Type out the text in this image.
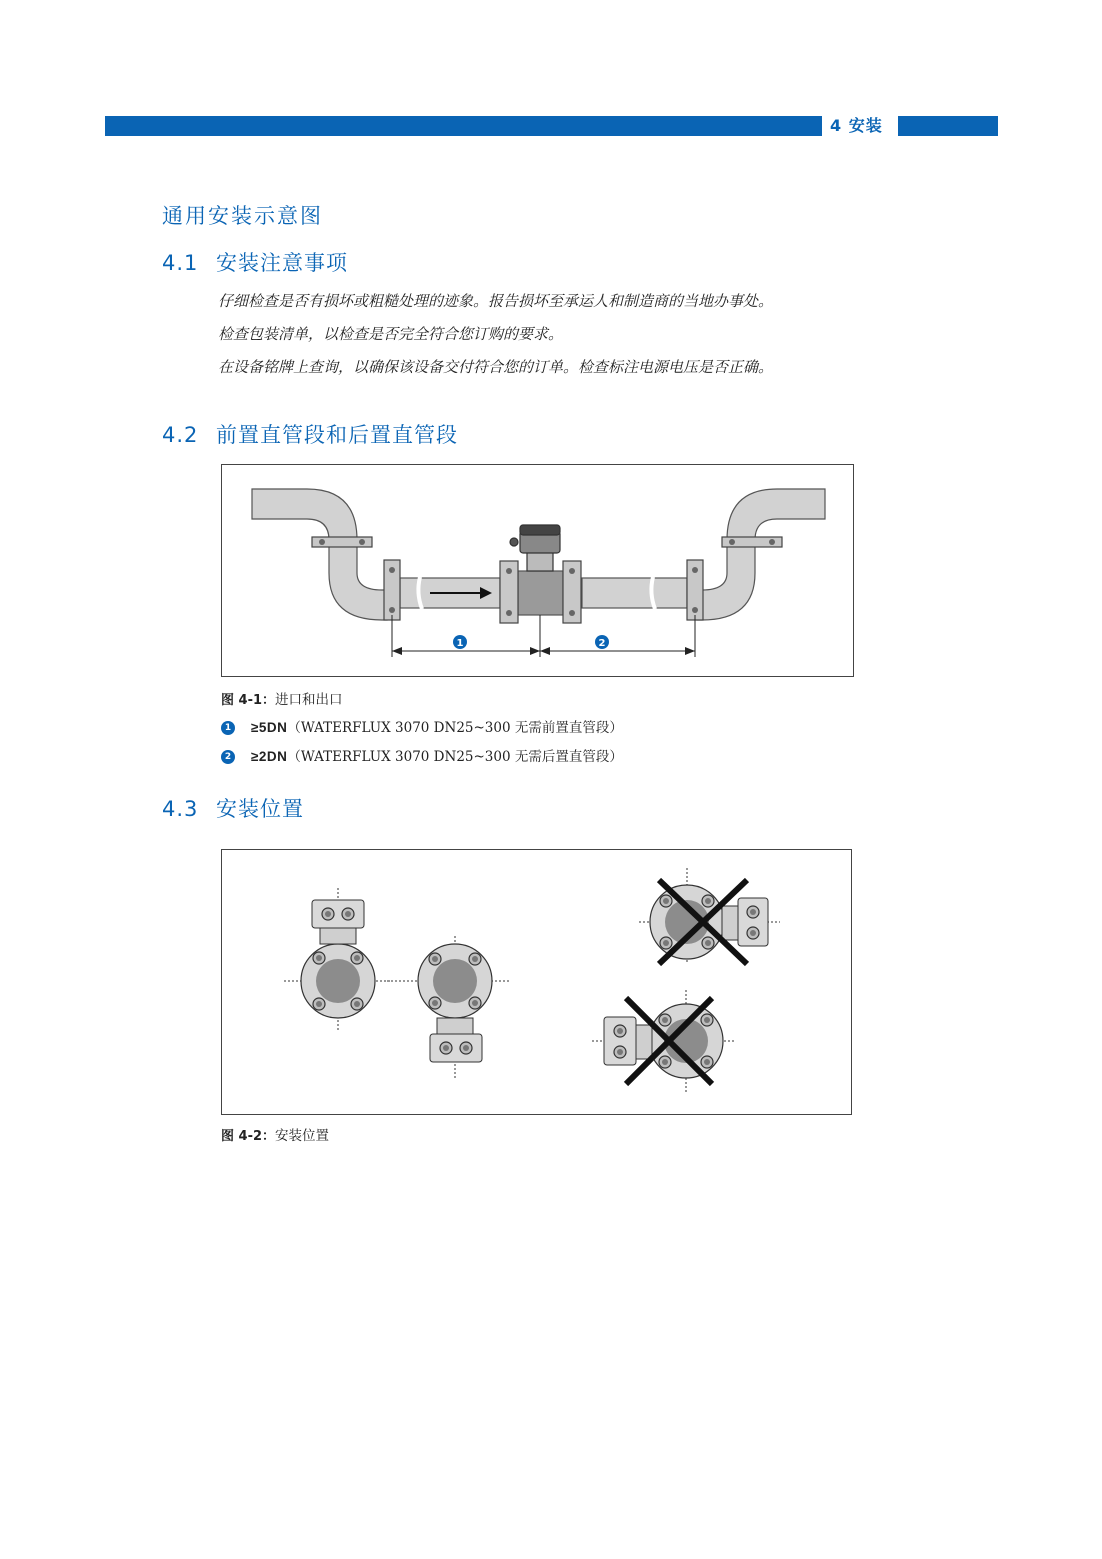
4 安装
通用安装示意图
4.1 安装注意事项
仔细检查是否有损坏或粗糙处理的迹象。报告损坏至承运人和制造商的当地办事处。
检查包装清单，以检查是否完全符合您订购的要求。
在设备铭牌上查询，以确保该设备交付符合您的订单。检查标注电源电压是否正确。
4.2 前置直管段和后置直管段
1	2
图 4-1：进口和出口
1 ≥5DN（WATERFLUX 3070 DN25~300 无需前置直管段）
2 ≥2DN（WATERFLUX 3070 DN25~300 无需后置直管段）
4.3 安装位置
图 4-2：安装位置
